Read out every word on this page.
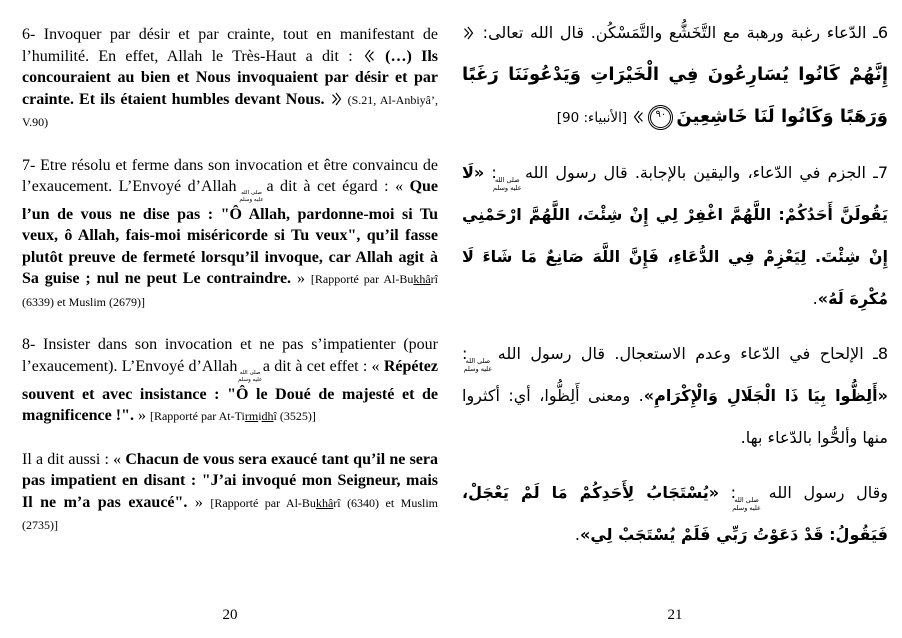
6- Invoquer par désir et par crainte, tout en manifestant de l’humilité. En effet, Allah le Très-Haut a dit :  (…) Ils concouraient au bien et Nous invoquaient par désir et par crainte. Et ils étaient humbles devant Nous.  (S.21, Al-Anbiyâ’, V.90)

7- Etre résolu et ferme dans son invocation et être convaincu de l’exaucement. L’Envoyé d’Allah
صلى الله
عليه وسلم
a dit à cet égard : « Que l’un de vous ne dise pas : "Ô Allah, pardonne-moi si Tu veux, ô Allah, fais-moi miséricorde si Tu veux", qu’il fasse plutôt preuve de fermeté lorsqu’il invoque, car Allah agit à Sa guise ; nul ne peut Le contraindre. » [Rapporté par Al-Bukhârî (6339) et Muslim (2679)]

8- Insister dans son invocation et ne pas s’impatienter (pour l’exaucement). L’Envoyé d’Allah
صلى الله
عليه وسلم
a dit à cet effet : « Répétez souvent et avec insistance : "Ô le Doué de majesté et de magnificence !". » [Rapporté par At-Tirmidhî (3525)]

Il a dit aussi : « Chacun de vous sera exaucé tant qu’il ne sera pas impatient en disant : "J’ai invoqué mon Seigneur, mais Il ne m’a pas exaucé". » [Rapporté par Al-Bukhârî (6340) et Muslim (2735)]

20

6ـ الدّعاء رغبة ورهبة مع التَّخَشُّع والتَّمَسْكُن. قال الله تعالى: إِنَّهُمْ كَانُوا يُسَارِعُونَ فِي الْخَيْرَاتِ وَيَدْعُونَنَا رَغَبًا وَرَهَبًا وَكَانُوا لَنَا خَاشِعِينَ٩٠ [الأنبياء: 90]

7ـ الجزم في الدّعاء، واليقين بالإجابة. قال رسول الله
صلى الله
عليه وسلم
: «لَا يَقُولَنَّ أَحَدُكُمْ: اللَّهُمَّ اغْفِرْ لِي إِنْ شِئْتَ، اللَّهُمَّ ارْحَمْنِي إِنْ شِئْتَ. لِيَعْزِمْ فِي الدُّعَاءِ، فَإِنَّ اللَّهَ صَانِعٌ مَا شَاءَ لَا مُكْرِهَ لَهُ».

8ـ الإلحاح في الدّعاء وعدم الاستعجال. قال رسول الله
صلى الله
عليه وسلم
: «أَلِظُّوا بِيَا ذَا الْجَلَالِ وَالْإِكْرَامِ». ومعنى أَلِظُّوا، أي: أكثروا منها وألحُّوا بالدّعاء بها.

وقال رسول الله
صلى الله
عليه وسلم
: «يُسْتَجَابُ لِأَحَدِكُمْ مَا لَمْ يَعْجَلْ، فَيَقُولُ: قَدْ دَعَوْتُ رَبِّي فَلَمْ يُسْتَجَبْ لِي».

21
